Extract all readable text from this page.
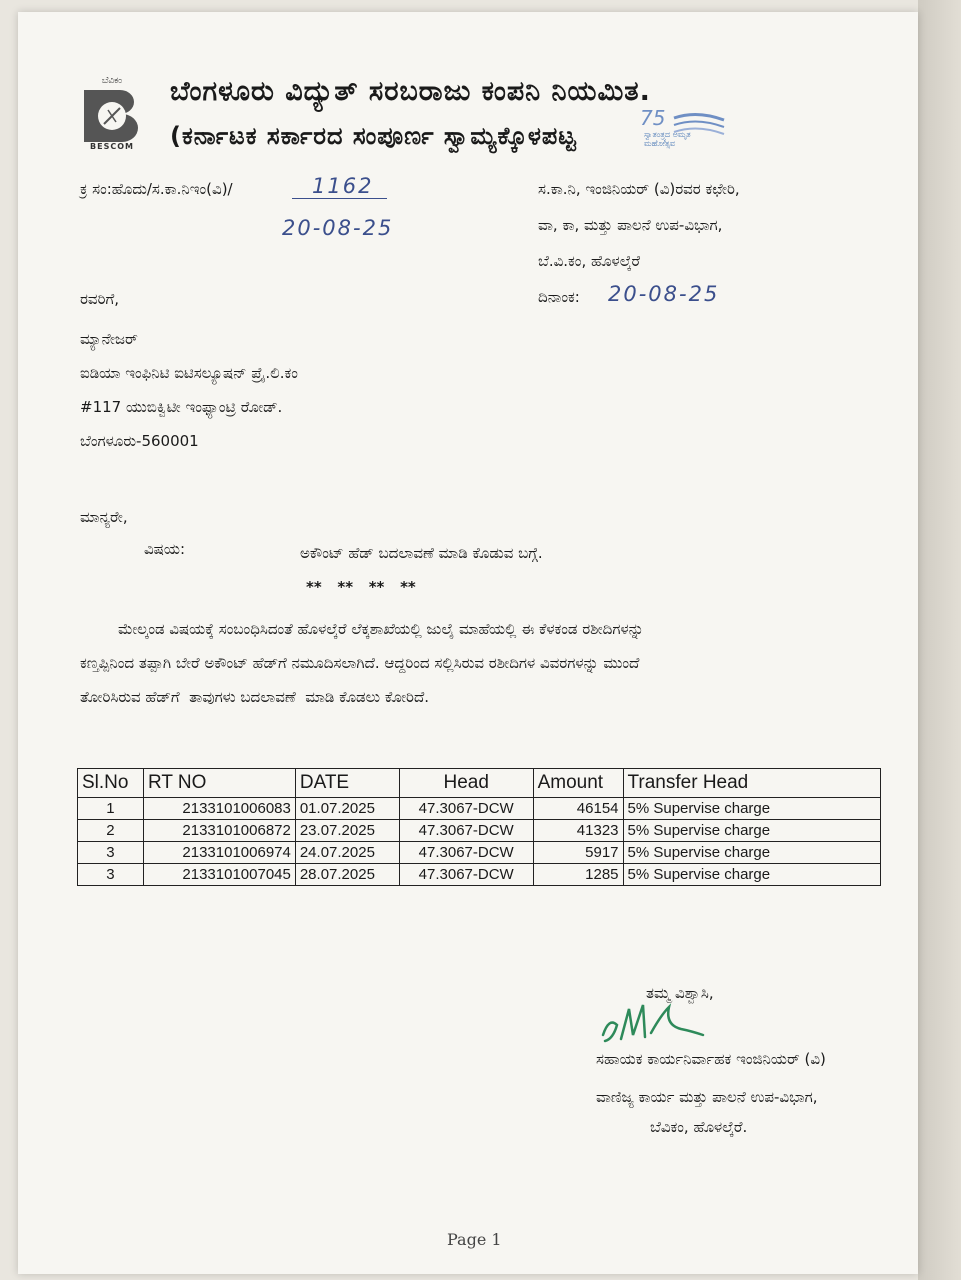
ಬೆವಿಕಂ
BESCOM
ಬೆಂಗಳೂರು ವಿದ್ಯುತ್ ಸರಬರಾಜು ಕಂಪನಿ ನಿಯಮಿತ.
(ಕರ್ನಾಟಕ ಸರ್ಕಾರದ ಸಂಪೂರ್ಣ ಸ್ವಾಮ್ಯಕ್ಕೊಳಪಟ್ಟ
75
ಸ್ವಾತಂತ್ರ್ಯದ ಅಮೃತ ಮಹೋತ್ಸವ
ಕ್ರ ಸಂ:ಹೊದು/ಸ.ಕಾ.ನಿಇಂ(ವಿ)/	1162
20-08-25
ಸ.ಕಾ.ನಿ, ಇಂಜಿನಿಯರ್ (ವಿ)ರವರ ಕಛೇರಿ,
ವಾ, ಕಾ, ಮತ್ತು ಪಾಲನೆ ಉಪ-ವಿಭಾಗ,
ಬೆ.ವಿ.ಕಂ, ಹೊಳಲ್ಕೆರೆ
ದಿನಾಂಕ: 20-08-25
ರವರಿಗೆ,
ಮ್ಯಾನೇಜರ್
ಐಡಿಯಾ ಇಂಫಿನಿಟಿ ಐಟಿಸಲ್ಯೂಷನ್ ಪ್ರೈ.ಲಿ.ಕಂ
#117 ಯುಬಿಕ್ವಿಟೀ ಇಂಫ್ಯಾಂಟ್ರಿ ರೋಡ್.
ಬೆಂಗಳೂರು-560001
ಮಾನ್ಯರೇ,
ವಿಷಯ:	ಅಕೌಂಟ್ ಹೆಡ್ ಬದಲಾವಣೆ ಮಾಡಿ ಕೊಡುವ ಬಗ್ಗೆ.
**   **   **   **
ಮೇಲ್ಕಂಡ ವಿಷಯಕ್ಕೆ ಸಂಬಂಧಿಸಿದಂತೆ ಹೊಳಲ್ಕೆರೆ ಲೆಕ್ಕಶಾಖೆಯಲ್ಲಿ ಜುಲೈ ಮಾಹೆಯಲ್ಲಿ ಈ ಕೆಳಕಂಡ ರಶೀದಿಗಳನ್ನು
ಕಣ್ತಪ್ಪಿನಿಂದ ತಪ್ಪಾಗಿ ಬೇರೆ ಅಕೌಂಟ್ ಹೆಡ್‌ಗೆ ನಮೂದಿಸಲಾಗಿದೆ. ಆದ್ದರಿಂದ ಸಲ್ಲಿಸಿರುವ ರಶೀದಿಗಳ ವಿವರಗಳನ್ನು ಮುಂದೆ
ತೋರಿಸಿರುವ ಹೆಡ್‌ಗೆ  ತಾವುಗಳು ಬದಲಾವಣೆ  ಮಾಡಿ ಕೊಡಲು ಕೋರಿದೆ.
Sl.No	RT NO	DATE	Head	Amount	Transfer Head
1	2133101006083	01.07.2025	47.3067-DCW	46154	5% Supervise charge
2	2133101006872	23.07.2025	47.3067-DCW	41323	5% Supervise charge
3	2133101006974	24.07.2025	47.3067-DCW	5917	5% Supervise charge
3	2133101007045	28.07.2025	47.3067-DCW	1285	5% Supervise charge
ತಮ್ಮ ವಿಶ್ವಾಸಿ,
ಸಹಾಯಕ ಕಾರ್ಯನಿರ್ವಾಹಕ ಇಂಜಿನಿಯರ್ (ವಿ)
ವಾಣಿಜ್ಯ ಕಾರ್ಯ ಮತ್ತು ಪಾಲನೆ ಉಪ-ವಿಭಾಗ,
ಬೆವಿಕಂ, ಹೊಳಲ್ಕೆರೆ.
Page 1
